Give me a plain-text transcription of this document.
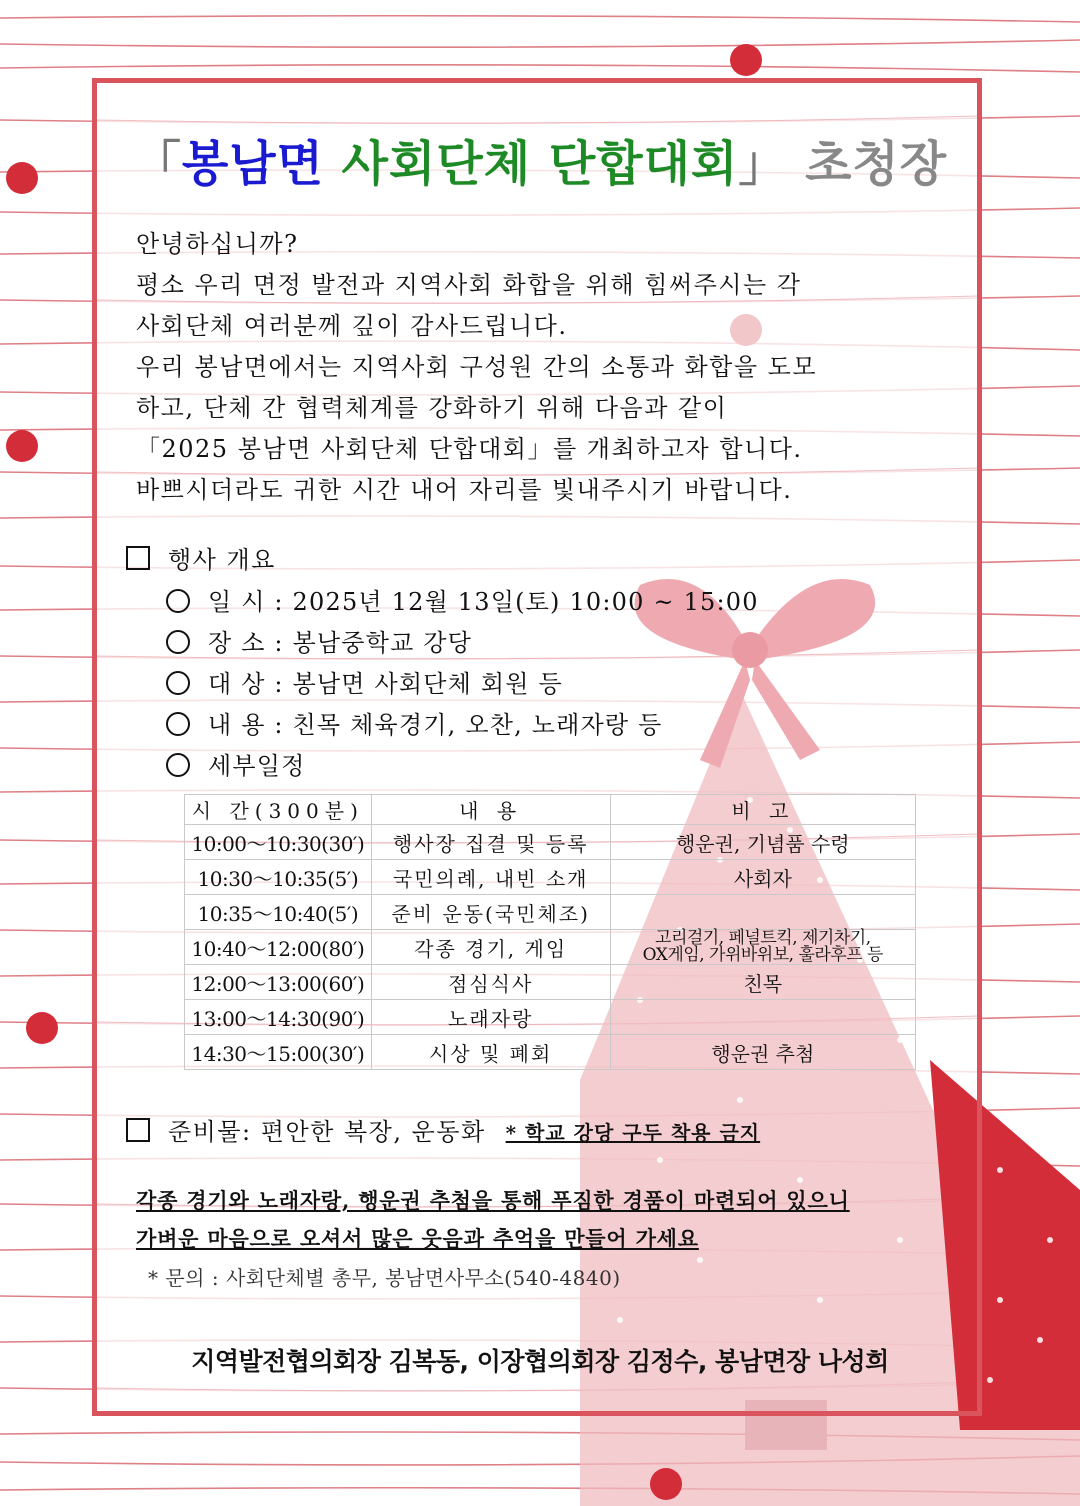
「봉남면 사회단체 단합대회」 초청장
안녕하십니까?
평소 우리 면정 발전과 지역사회 화합을 위해 힘써주시는 각
사회단체 여러분께 깊이 감사드립니다.
우리 봉남면에서는 지역사회 구성원 간의 소통과 화합을 도모
하고, 단체 간 협력체계를 강화하기 위해 다음과 같이
「2025 봉남면 사회단체 단합대회」를 개최하고자 합니다.
바쁘시더라도 귀한 시간 내어 자리를 빛내주시기 바랍니다.
행사 개요
일 시 : 2025년 12월 13일(토) 10:00 ~ 15:00
장 소 : 봉남중학교 강당
대 상 : 봉남면 사회단체 회원 등
내 용 : 친목 체육경기, 오찬, 노래자랑 등
세부일정
시 간(300분)	내 용	비 고
10:00～10:30(30′)	행사장 집결 및 등록	행운권, 기념품 수령
10:30～10:35(5′)	국민의례, 내빈 소개	사회자
10:35～10:40(5′)	준비 운동(국민체조)	
10:40～12:00(80′)	각종 경기, 게임	고리걸기, 페널트킥, 제기차기,
OX게임, 가위바위보, 훌라후프 등

12:00～13:00(60′)	점심식사	친목
13:00～14:30(90′)	노래자랑	
14:30～15:00(30′)	시상 및 폐회	행운권 추첨
준비물: 편안한 복장, 운동화 * 학교 강당 구두 착용 금지
각종 경기와 노래자랑, 행운권 추첨을 통해 푸짐한 경품이 마련되어 있으니
가벼운 마음으로 오셔서 많은 웃음과 추억을 만들어 가세요
* 문의 : 사회단체별 총무, 봉남면사무소(540-4840)
지역발전협의회장 김복동, 이장협의회장 김정수, 봉남면장 나성희
